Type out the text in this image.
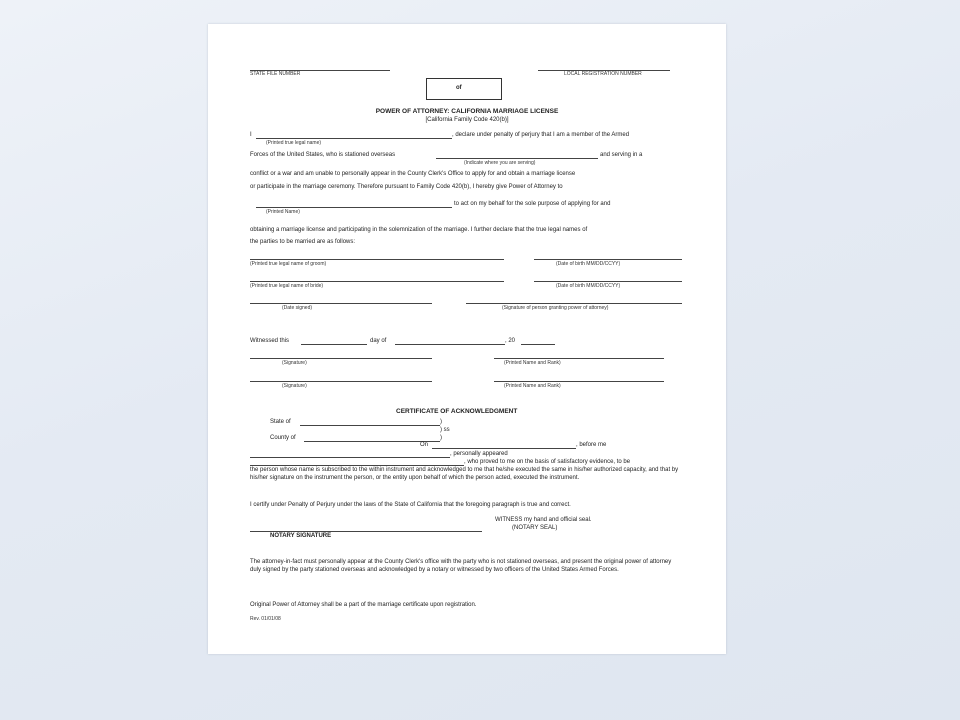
STATE FILE NUMBER	LOCAL REGISTRATION NUMBER
of
POWER OF ATTORNEY: CALIFORNIA MARRIAGE LICENSE
[California Family Code 420(b)]
I	, declare under penalty of perjury that I am a member of the Armed
(Printed true legal name)
Forces of the United States, who is stationed overseas	and serving in a
(Indicate where you are serving)
conflict or a war and am unable to personally appear in the County Clerk's Office to apply for and obtain a marriage license
or participate in the marriage ceremony. Therefore pursuant to Family Code 420(b), I hereby give Power of Attorney to
to act on my behalf for the sole purpose of applying for and
(Printed Name)
obtaining a marriage license and participating in the solemnization of the marriage. I further declare that the true legal names of
the parties to be married are as follows:
(Printed true legal name of groom)	(Date of birth MM/DD/CCYY)
(Printed true legal name of bride)	(Date of birth MM/DD/CCYY)
(Date signed)	(Signature of person granting power of attorney)
Witnessed this	day of	, 20
(Signature)	(Printed Name and Rank)
(Signature)	(Printed Name and Rank)
CERTIFICATE OF ACKNOWLEDGMENT
State of	)
) ss
County of	)
On	, before me
, personally appeared
, who proved to me on the basis of satisfactory evidence, to be
the person whose name is subscribed to the within instrument and acknowledged to me that he/she executed the same in his/her authorized capacity, and that by his/her signature on the instrument the person, or the entity upon behalf of which the person acted, executed the instrument.
I certify under Penalty of Perjury under the laws of the State of California that the foregoing paragraph is true and correct.
WITNESS my hand and official seal.
(NOTARY SEAL)
NOTARY SIGNATURE
The attorney-in-fact must personally appear at the County Clerk's office with the party who is not stationed overseas, and present the original power of attorney duly signed by the party stationed overseas and acknowledged by a notary or witnessed by two officers of the United States Armed Forces.
Original Power of Attorney shall be a part of the marriage certificate upon registration.
Rev. 01/01/08
